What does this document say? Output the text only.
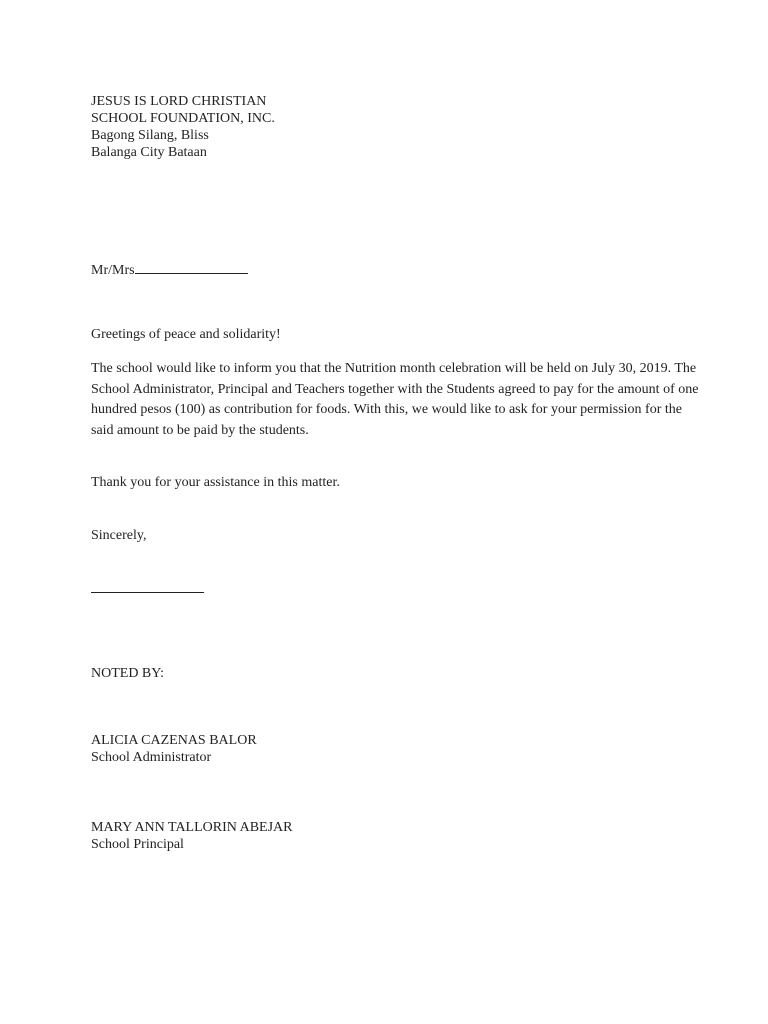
JESUS IS LORD CHRISTIAN
SCHOOL FOUNDATION, INC.
Bagong Silang, Bliss
Balanga City Bataan
Mr/Mrs
Greetings of peace and solidarity!
The school would like to inform you that the Nutrition month celebration will be held on July 30, 2019. The School Administrator, Principal and Teachers together with the Students agreed to pay for the amount of one hundred pesos (100) as contribution for foods. With this, we would like to ask for your permission for the said amount to be paid by the students.
Thank you for your assistance in this matter.
Sincerely,
NOTED BY:
ALICIA CAZENAS BALOR
School Administrator
MARY ANN TALLORIN ABEJAR
School Principal
